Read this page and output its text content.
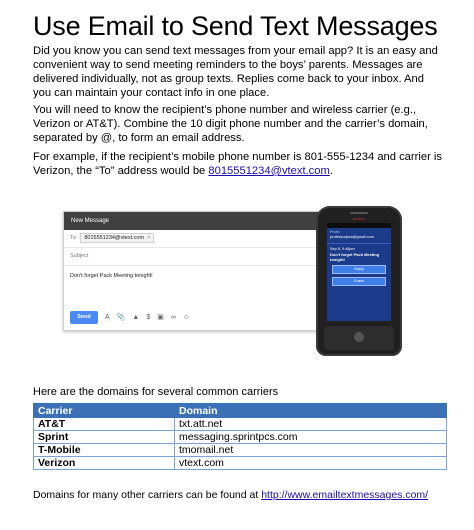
Use Email to Send Text Messages
Did you know you can send text messages from your email app? It is an easy and convenient way to send meeting reminders to the boys’ parents. Messages are delivered individually, not as group texts. Replies come back to your inbox. And you can maintain your contact info in one place.
You will need to know the recipient’s phone number and wireless carrier (e.g., Verizon or AT&T). Combine the 10 digit phone number and the carrier’s domain, separated by @, to form an email address.
For example, if the recipient’s mobile phone number is 801-555-1234 and carrier is Verizon, the “To” address would be 8015551234@vtext.com.
New Message
To 8015551234@vtext.com ×
Subject
Don't forget Pack Meeting tonight!
Send	A 📎 ▲ $ ▣ ∞ ☺
verizon
From:
professorjava@gmail.com
Sep 8, 9:48pm
Don't forget Pack Meeting tonight!
Reply
Erase
Here are the domains for several common carriers
Carrier	Domain
AT&T	txt.att.net
Sprint	messaging.sprintpcs.com
T-Mobile	tmomail.net
Verizon	vtext.com
Domains for many other carriers can be found at http://www.emailtextmessages.com/
